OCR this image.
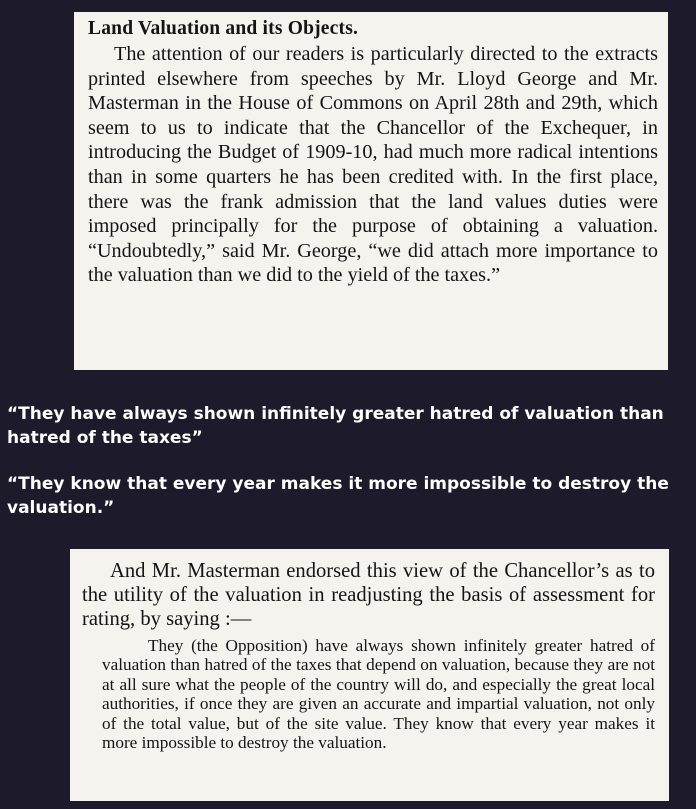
Land Valuation and its Objects.

The attention of our readers is particularly directed to the extracts printed elsewhere from speeches by Mr. Lloyd George and Mr. Masterman in the House of Commons on April 28th and 29th, which seem to us to indicate that the Chancellor of the Exchequer, in introducing the Budget of 1909-10, had much more radical intentions than in some quarters he has been credited with. In the first place, there was the frank admission that the land values duties were imposed principally for the purpose of obtaining a valuation. “Undoubtedly,” said Mr. George, “we did attach more importance to the valuation than we did to the yield of the taxes.”

“They have always shown infinitely greater hatred of valuation than hatred of the taxes”

“They know that every year makes it more impossible to destroy the valuation.”

And Mr. Masterman endorsed this view of the Chancellor’s as to the utility of the valuation in readjusting the basis of assessment for rating, by saying :—

They (the Opposition) have always shown infinitely greater hatred of valuation than hatred of the taxes that depend on valuation, because they are not at all sure what the people of the country will do, and especially the great local authorities, if once they are given an accurate and impartial valuation, not only of the total value, but of the site value. They know that every year makes it more impossible to destroy the valuation.
